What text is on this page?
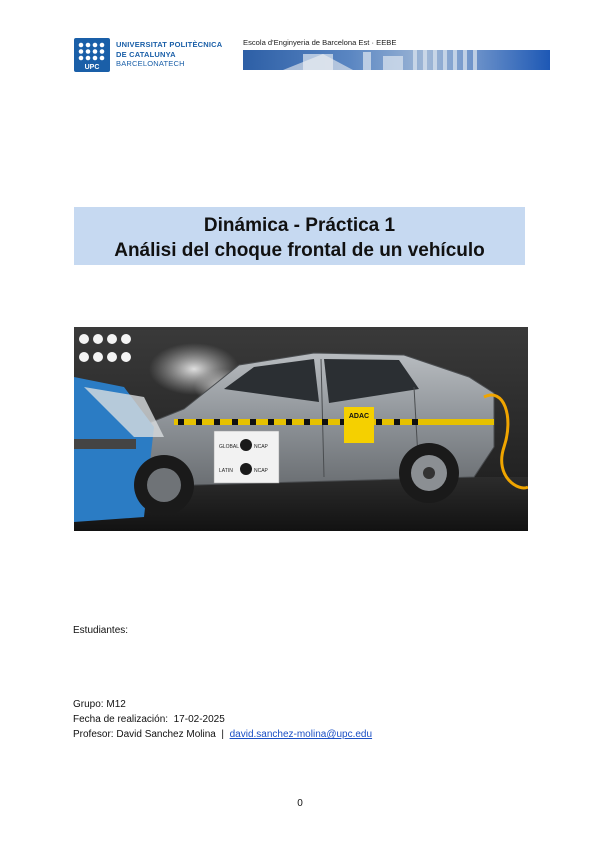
UPC
UNIVERSITAT POLITÈCNICA
DE CATALUNYA
BARCELONATECH
Escola d'Enginyeria de Barcelona Est · EEBE
Dinámica - Práctica 1
Análisi del choque frontal de un vehículo
GLOBAL	NCAP
LATIN	NCAP
ADAC
Estudiantes:
Grupo: M12
Fecha de realización: 17-02-2025
Profesor: David Sanchez Molina | david.sanchez-molina@upc.edu
0
